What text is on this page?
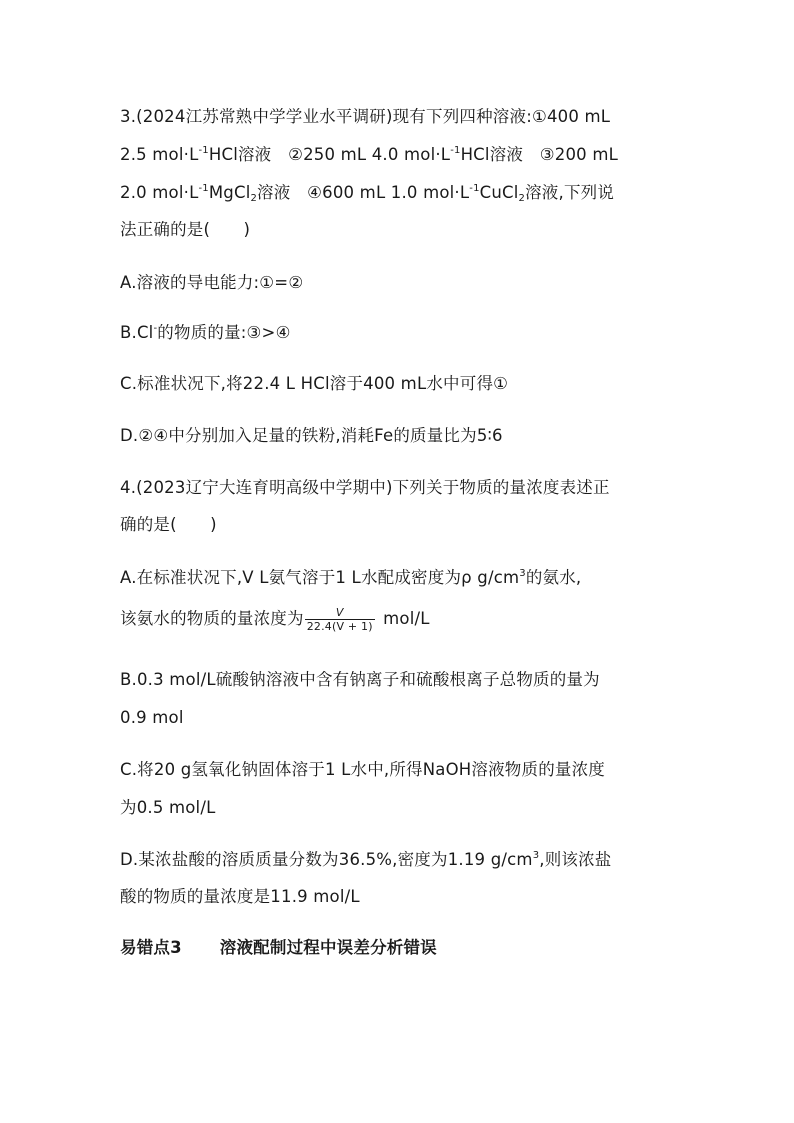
3.(2024江苏常熟中学学业水平调研)现有下列四种溶液:①400 mL
2.5 $mol\cdot L^{-1}HCl$溶液　②250 mL 4.0 $mol\cdot L^{-1}HCl$溶液　③200 mL
2.0 $mol\cdot L^{-1}MgCl_2$溶液　④600 mL 1.0 $mol\cdot L^{-1}CuCl_2$溶液,下列说
法正确的是(　　)
A.溶液的导电能力:①=②
B.Cl-的物质的量:③>④
C.标准状况下,将22.4 L HCl溶于400 mL水中可得①
D.②④中分别加入足量的铁粉,消耗Fe的质量比为5∶6
4.(2023辽宁大连育明高级中学期中)下列关于物质的量浓度表述正
确的是(　　)
A.在标准状况下,V L氨气溶于1 L水配成密度为ρ $g/cm^3$的氨水,
该氨水的物质的量浓度为 $\frac{V}{22.4(V + 1)} mol/L$
B.0.3 mol/L硫酸钠溶液中含有钠离子和硫酸根离子总物质的量为
0.9 mol
C.将20 g氢氧化钠固体溶于1 L水中,所得NaOH溶液物质的量浓度
为0.5 mol/L
D.某浓盐酸的溶质质量分数为36.5%,密度为1.19 $g/cm^3$,则该浓盐
酸的物质的量浓度是11.9 mol/L
易错点3 溶液配制过程中误差分析错误
